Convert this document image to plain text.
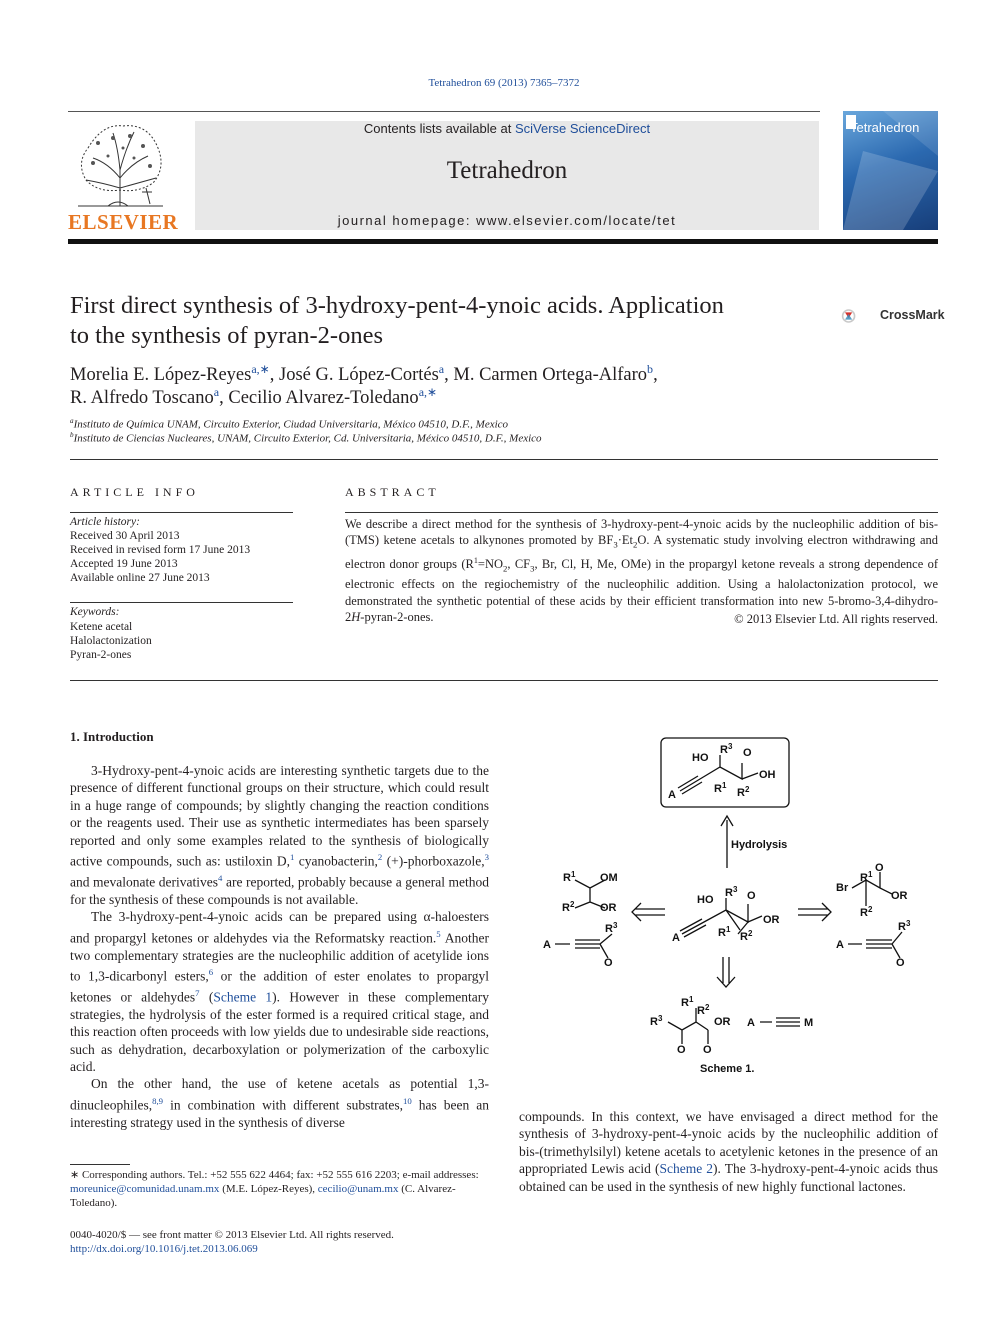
Tetrahedron 69 (2013) 7365–7372
ELSEVIER
Contents lists available at SciVerse ScienceDirect
Tetrahedron
journal homepage: www.elsevier.com/locate/tet
Tetrahedron
First direct synthesis of 3-hydroxy-pent-4-ynoic acids. Application
to the synthesis of pyran-2-ones
CrossMark
Morelia E. López-Reyes$^{a,∗}$, José G. López-Cortés$^a$, M. Carmen Ortega-Alfaro$^b$,
R. Alfredo Toscano$^a$, Cecilio Alvarez-Toledano$^{a,∗}$
$^a$Instituto de Química UNAM, Circuito Exterior, Ciudad Universitaria, México 04510, D.F., Mexico
$^b$Instituto de Ciencias Nucleares, UNAM, Circuito Exterior, Cd. Universitaria, México 04510, D.F., Mexico
ARTICLE INFO	ABSTRACT
Article history:
Received 30 April 2013
Received in revised form 17 June 2013
Accepted 19 June 2013
Available online 27 June 2013
Keywords:
Ketene acetal
Halolactonization
Pyran-2-ones
We describe a direct method for the synthesis of 3-hydroxy-pent-4-ynoic acids by the nucleophilic addition of bis-(TMS) ketene acetals to alkynones promoted by $BF_3\cdot Et_2O$. A systematic study involving electron withdrawing and electron donor groups ($R^1=NO_2$, $CF_3$, Br, Cl, H, Me, OMe) in the propargyl ketone reveals a strong dependence of electronic effects on the regiochemistry of the nucleophilic addition. Using a halolactonization protocol, we demonstrated the synthetic potential of these acids by their efficient transformation into new 5-bromo-3,4-dihydro-2H-pyran-2-ones.	© 2013 Elsevier Ltd. All rights reserved.
1. Introduction

3-Hydroxy-pent-4-ynoic acids are interesting synthetic targets due to the presence of different functional groups on their structure, which could result in a huge range of compounds; by slightly changing the reaction conditions or the reagents used. Their use as synthetic intermediates has been sparsely reported and only some examples related to the synthesis of biologically active compounds, such as: ustiloxin D,$^1$ cyanobacterin,$^2$ (+)-phorboxazole,$^3$ and mevalonate derivatives$^4$ are reported, probably because a general method for the synthesis of these compounds is not available.

The 3-hydroxy-pent-4-ynoic acids can be prepared using α-haloesters and propargyl ketones or aldehydes via the Reformatsky reaction.$^5$ Another two complementary strategies are the nucleophilic addition of acetylide ions to 1,3-dicarbonyl esters,$^6$ or the addition of ester enolates to propargyl ketones or aldehydes$^7$ (Scheme 1). However in these complementary strategies, the hydrolysis of the ester formed is a required critical stage, and this reaction often proceeds with low yields due to undesirable side reactions, such as dehydration, decarboxylation or polymerization of the carboxylic acid.

On the other hand, the use of ketene acetals as potential 1,3-dinucleophiles,$^{8,9}$ in combination with different substrates,$^{10}$ has been an interesting strategy used in the synthesis of diverse	compounds. In this context, we have envisaged a direct method for the synthesis of 3-hydroxy-pent-4-ynoic acids by the nucleophilic addition of bis-(trimethylsilyl) ketene acetals to acetylenic ketones in the presence of an appropriated Lewis acid (Scheme 2). The 3-hydroxy-pent-4-ynoic acids thus obtained can be used in the synthesis of new highly functional lactones.

HO
$R^3$
O
OH
$R^1$
$R^2$
A
Hydrolysis
HO
$R^3$
O
OR
$R^1$
$R^2$
A
$R^1$ OM
$R^2$ OR
A
$R^3$
O
Br
$R^1$
O
OR
$R^2$
A
$R^3$
O
$R^1$
$R^2$
$R^3$	OR
O O
A	M
Scheme 1.
∗ Corresponding authors. Tel.: +52 555 622 4464; fax: +52 555 616 2203; e-mail addresses: moreunice@comunidad.unam.mx (M.E. López-Reyes), cecilio@unam.mx (C. Alvarez-Toledano).
0040-4020/$ — see front matter © 2013 Elsevier Ltd. All rights reserved.
http://dx.doi.org/10.1016/j.tet.2013.06.069
